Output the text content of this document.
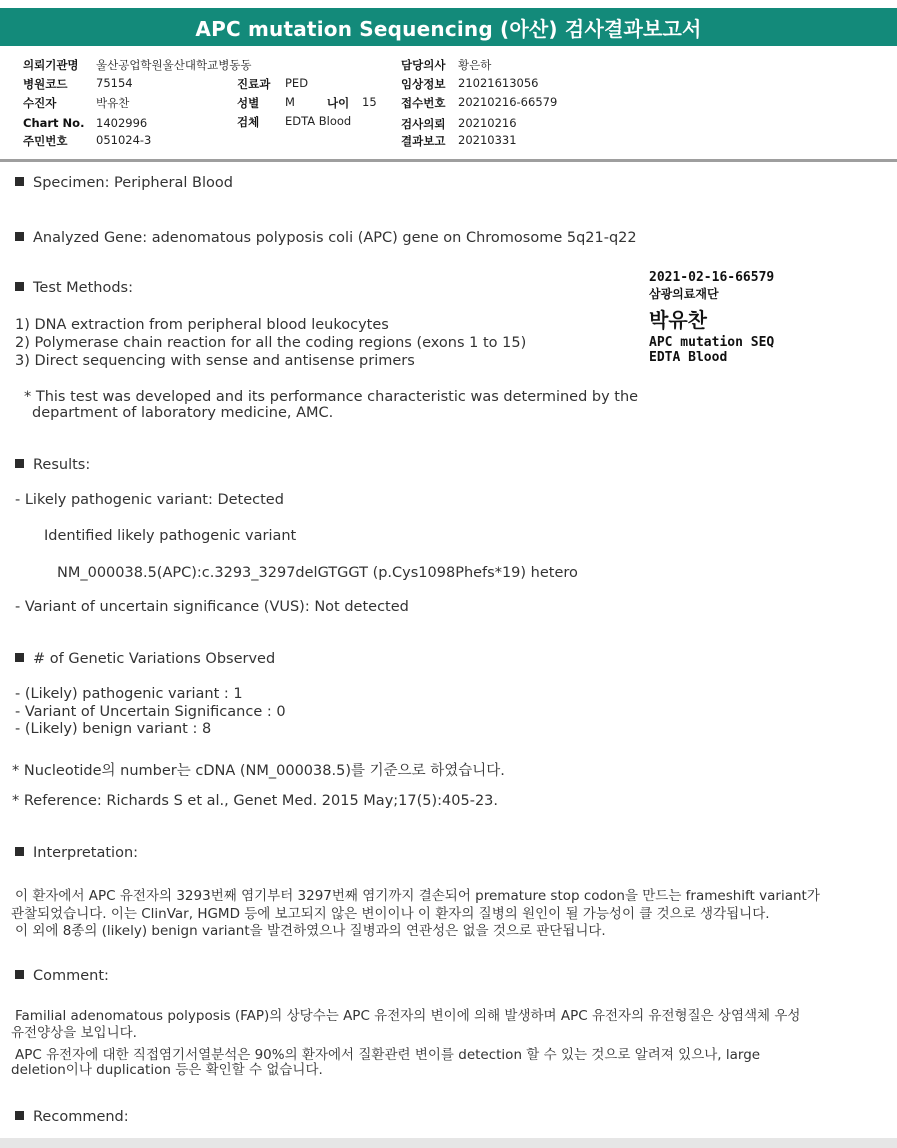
APC mutation Sequencing (아산) 검사결과보고서
의뢰기관명 울산공업학원울산대학교병동동
병원코드 75154
수진자	박유찬
Chart No. 1402996
주민번호 051024-3
진료과 PED
성별 M	나이 15
검체 EDTA Blood
담당의사 황은하
임상정보 21021613056
접수번호 20210216-66579
검사의뢰 20210216
결과보고 20210331
Specimen: Peripheral Blood
Analyzed Gene: adenomatous polyposis coli (APC) gene on Chromosome 5q21-q22
Test Methods:
1) DNA extraction from peripheral blood leukocytes
2) Polymerase chain reaction for all the coding regions (exons 1 to 15)
3) Direct sequencing with sense and antisense primers
* This test was developed and its performance characteristic was determined by the
department of laboratory medicine, AMC.
2021-02-16-66579
삼광의료재단
박유찬
APC mutation SEQ
EDTA Blood
Results:
- Likely pathogenic variant: Detected
Identified likely pathogenic variant
NM_000038.5(APC):c.3293_3297delGTGGT (p.Cys1098Phefs*19) hetero
- Variant of uncertain significance (VUS): Not detected
# of Genetic Variations Observed
- (Likely) pathogenic variant : 1
- Variant of Uncertain Significance : 0
- (Likely) benign variant : 8
* Nucleotide의 number는 cDNA (NM_000038.5)를 기준으로 하였습니다.
* Reference: Richards S et al., Genet Med. 2015 May;17(5):405-23.
Interpretation:
이 환자에서 APC 유전자의 3293번째 염기부터 3297번째 염기까지 결손되어 premature stop codon을 만드는 frameshift variant가
관찰되었습니다. 이는 ClinVar, HGMD 등에 보고되지 않은 변이이나 이 환자의 질병의 원인이 될 가능성이 클 것으로 생각됩니다.
이 외에 8종의 (likely) benign variant을 발견하였으나 질병과의 연관성은 없을 것으로 판단됩니다.
Comment:
Familial adenomatous polyposis (FAP)의 상당수는 APC 유전자의 변이에 의해 발생하며 APC 유전자의 유전형질은 상염색체 우성
유전양상을 보입니다.
APC 유전자에 대한 직접염기서열분석은 90%의 환자에서 질환관련 변이를 detection 할 수 있는 것으로 알려져 있으나, large
deletion이나 duplication 등은 확인할 수 없습니다.
Recommend:
